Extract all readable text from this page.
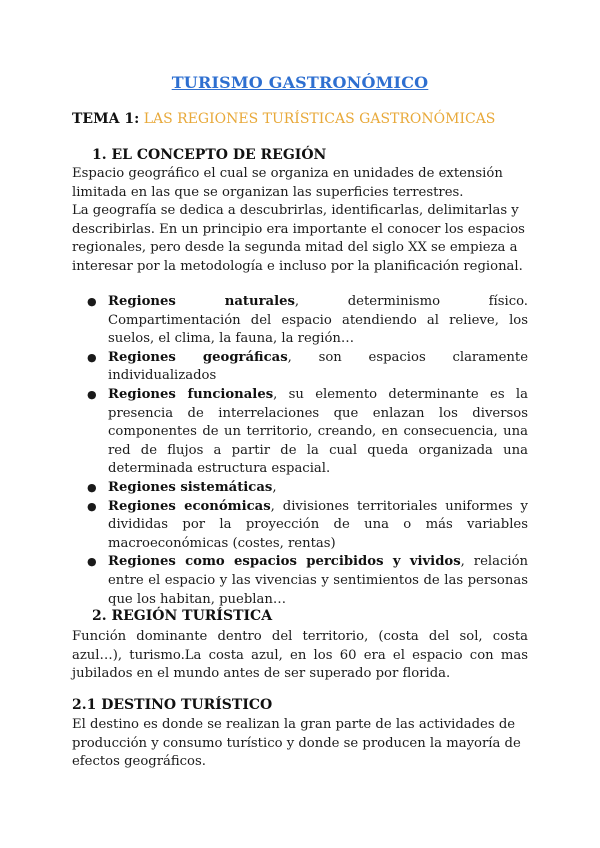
TURISMO GASTRONÓMICO
TEMA 1: LAS REGIONES TURÍSTICAS GASTRONÓMICAS
1. EL CONCEPTO DE REGIÓN

Espacio geográfico el cual se organiza en unidades de extensión limitada en las que se organizan las superficies terrestres.

La geografía se dedica a descubrirlas, identificarlas, delimitarlas y describirlas. En un principio era importante el conocer los espacios regionales, pero desde la segunda mitad del siglo XX se empieza a interesar por la metodología e incluso por la planificación regional.

● Regiones naturales, determinismo físico. Compartimentación del espacio atendiendo al relieve, los suelos, el clima, la fauna, la región…
● Regiones geográficas, son espacios claramente individualizados
● Regiones funcionales, su elemento determinante es la presencia de interrelaciones que enlazan los diversos componentes de un territorio, creando, en consecuencia, una red de flujos a partir de la cual queda organizada una determinada estructura espacial.
● Regiones sistemáticas,
● Regiones económicas, divisiones territoriales uniformes y divididas por la proyección de una o más variables macroeconómicas (costes, rentas)
● Regiones como espacios percibidos y vividos, relación entre el espacio y las vivencias y sentimientos de las personas que los habitan, pueblan…
2. REGIÓN TURÍSTICA

Función dominante dentro del territorio, (costa del sol, costa azul…), turismo.La costa azul, en los 60 era el espacio con mas jubilados en el mundo antes de ser superado por florida.

2.1 DESTINO TURÍSTICO

El destino es donde se realizan la gran parte de las actividades de producción y consumo turístico y donde se producen la mayoría de efectos geográficos.
